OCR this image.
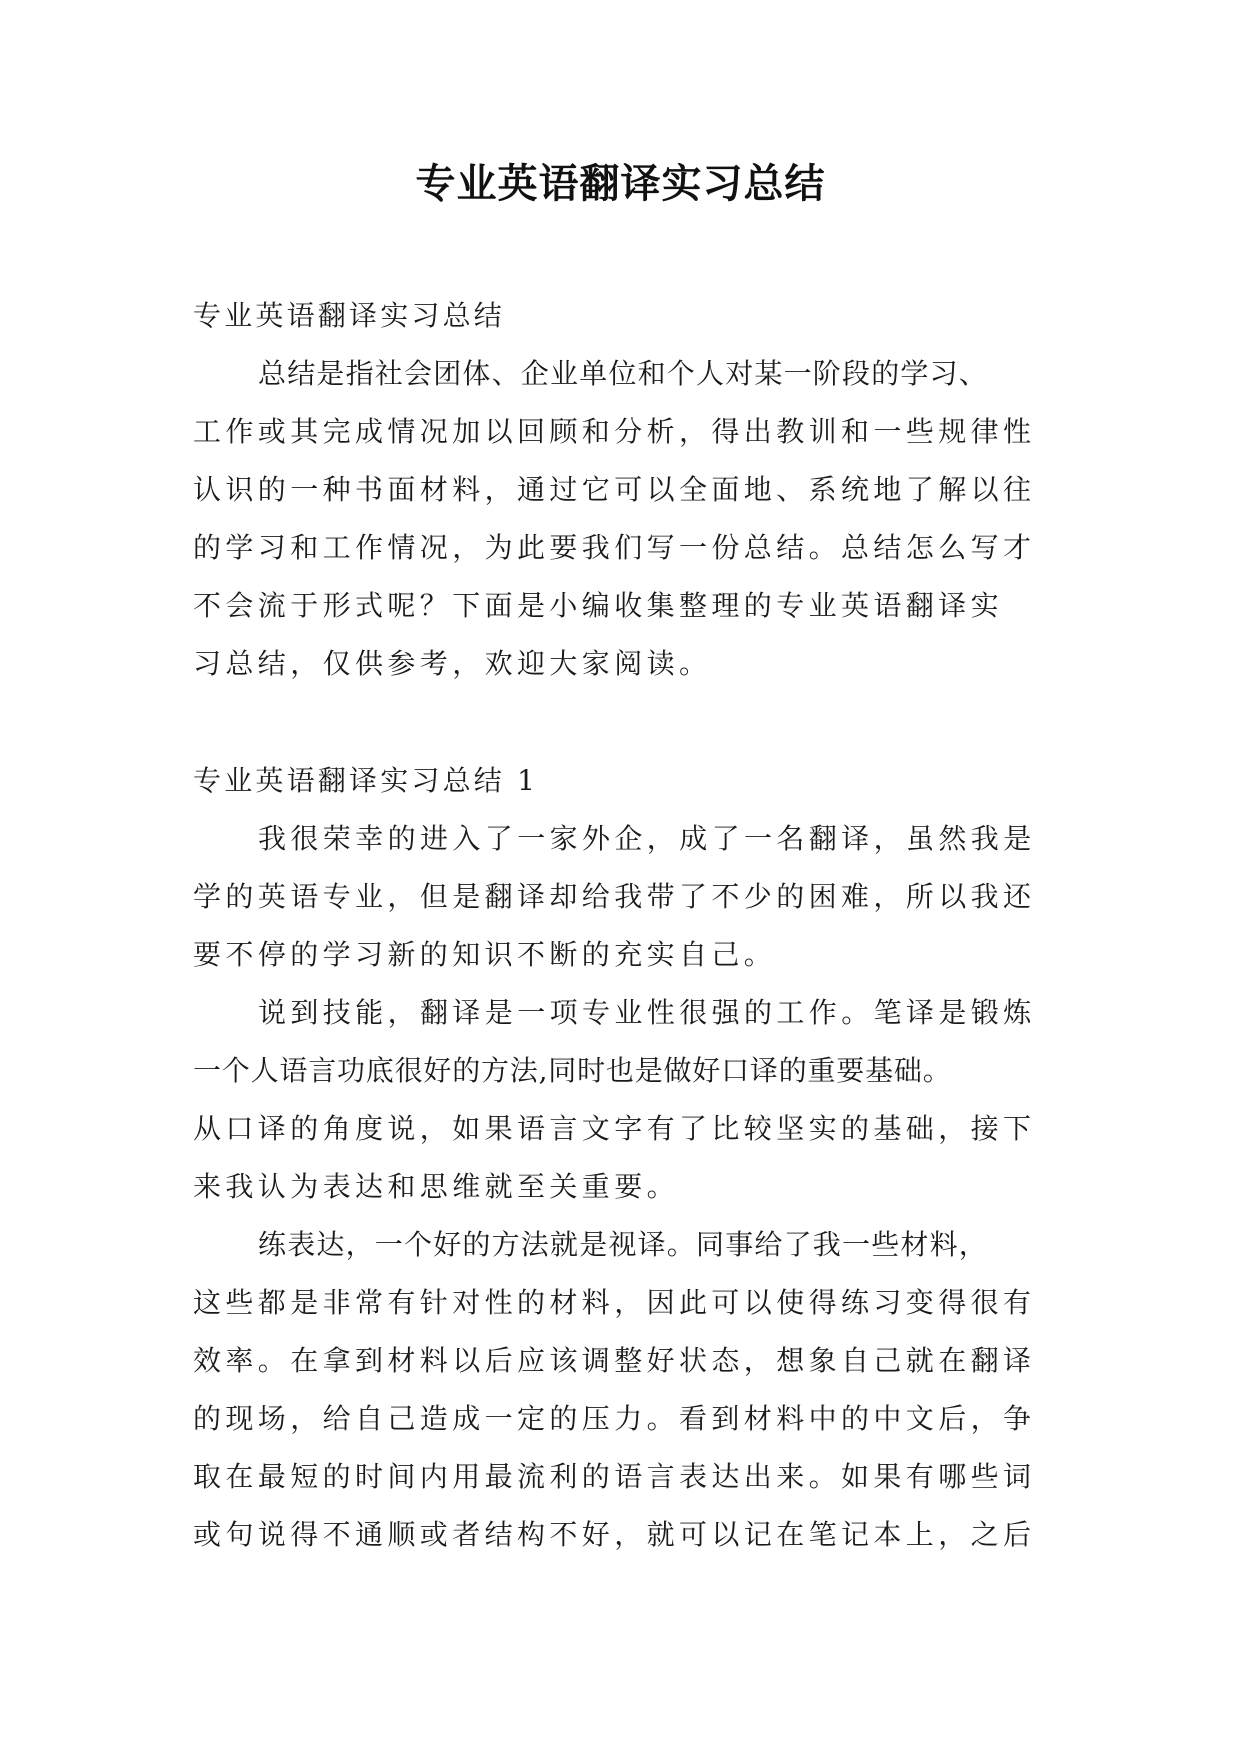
专业英语翻译实习总结

专业英语翻译实习总结

总结是指社会团体、企业单位和个人对某一阶段的学习、

工作或其完成情况加以回顾和分析，得出教训和一些规律性

认识的一种书面材料，通过它可以全面地、系统地了解以往

的学习和工作情况，为此要我们写一份总结。总结怎么写才

不会流于形式呢？下面是小编收集整理的专业英语翻译实

习总结，仅供参考，欢迎大家阅读。

专业英语翻译实习总结 1

我很荣幸的进入了一家外企，成了一名翻译，虽然我是

学的英语专业，但是翻译却给我带了不少的困难，所以我还

要不停的学习新的知识不断的充实自己。

说到技能，翻译是一项专业性很强的工作。笔译是锻炼

一个人语言功底很好的方法,同时也是做好口译的重要基础。

从口译的角度说，如果语言文字有了比较坚实的基础，接下

来我认为表达和思维就至关重要。

练表达，一个好的方法就是视译。同事给了我一些材料，

这些都是非常有针对性的材料，因此可以使得练习变得很有

效率。在拿到材料以后应该调整好状态，想象自己就在翻译

的现场，给自己造成一定的压力。看到材料中的中文后，争

取在最短的时间内用最流利的语言表达出来。如果有哪些词

或句说得不通顺或者结构不好，就可以记在笔记本上，之后
